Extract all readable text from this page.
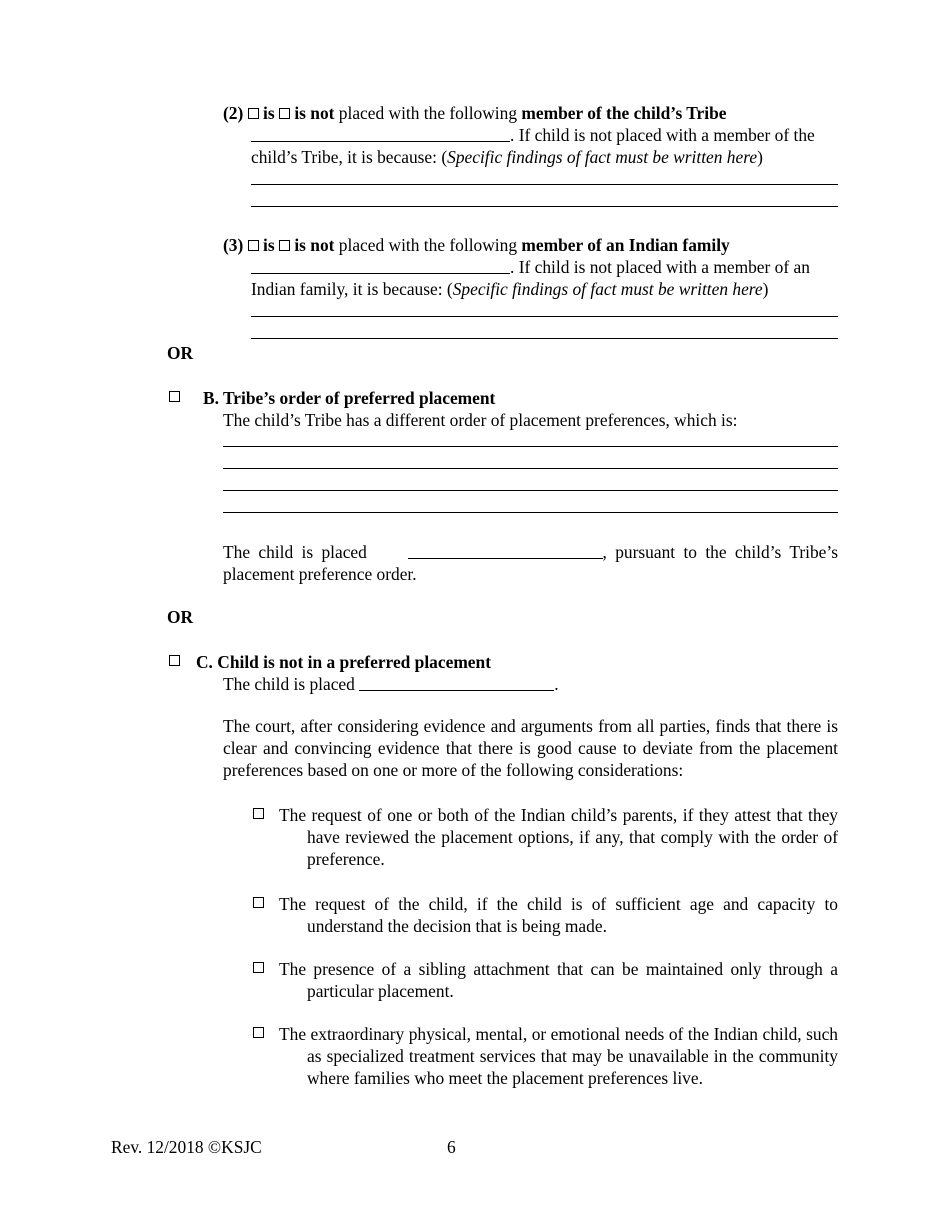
(2) is is not placed with the following member of the child’s Tribe
. If child is not placed with a member of the
child’s Tribe, it is because: (Specific findings of fact must be written here)
(3) is is not placed with the following member of an Indian family
. If child is not placed with a member of an
Indian family, it is because: (Specific findings of fact must be written here)
OR
B. Tribe’s order of preferred placement
The child’s Tribe has a different order of placement preferences, which is:
The child is placed	, pursuant to the child’s Tribe’s
placement preference order.
OR
C. Child is not in a preferred placement
The child is placed	.
The court, after considering evidence and arguments from all parties, finds that there is clear and convincing evidence that there is good cause to deviate from the placement preferences based on one or more of the following considerations:
The request of one or both of the Indian child’s parents, if they attest that they have reviewed the placement options, if any, that comply with the order of preference.
The request of the child, if the child is of sufficient age and capacity to understand the decision that is being made.
The presence of a sibling attachment that can be maintained only through a particular placement.
The extraordinary physical, mental, or emotional needs of the Indian child, such as specialized treatment services that may be unavailable in the community where families who meet the placement preferences live.
Rev. 12/2018 ©KSJC	6
